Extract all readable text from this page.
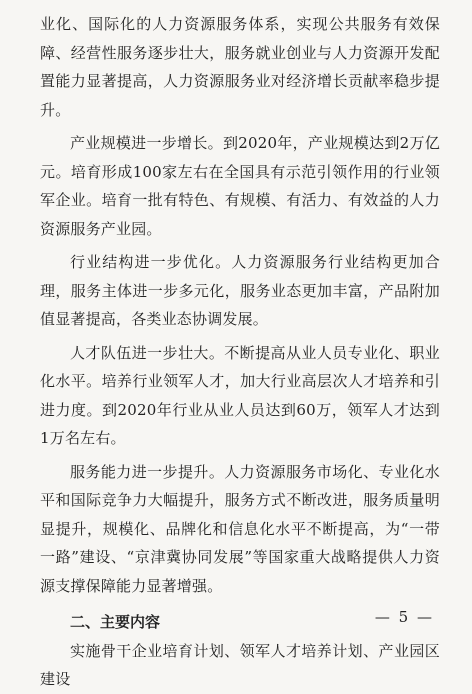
业化、国际化的人力资源服务体系，实现公共服务有效保障、经营性服务逐步壮大，服务就业创业与人力资源开发配置能力显著提高，人力资源服务业对经济增长贡献率稳步提升。

产业规模进一步增长。到2020年，产业规模达到2万亿元。培育形成100家左右在全国具有示范引领作用的行业领军企业。培育一批有特色、有规模、有活力、有效益的人力资源服务产业园。

行业结构进一步优化。人力资源服务行业结构更加合理，服务主体进一步多元化，服务业态更加丰富，产品附加值显著提高，各类业态协调发展。

人才队伍进一步壮大。不断提高从业人员专业化、职业化水平。培养行业领军人才，加大行业高层次人才培养和引进力度。到2020年行业从业人员达到60万，领军人才达到1万名左右。

服务能力进一步提升。人力资源服务市场化、专业化水平和国际竞争力大幅提升，服务方式不断改进，服务质量明显提升，规模化、品牌化和信息化水平不断提高，为“一带一路”建设、“京津冀协同发展”等国家重大战略提供人力资源支撑保障能力显著增强。

二、主要内容

实施骨干企业培育计划、领军人才培养计划、产业园区建设

— 5 —
